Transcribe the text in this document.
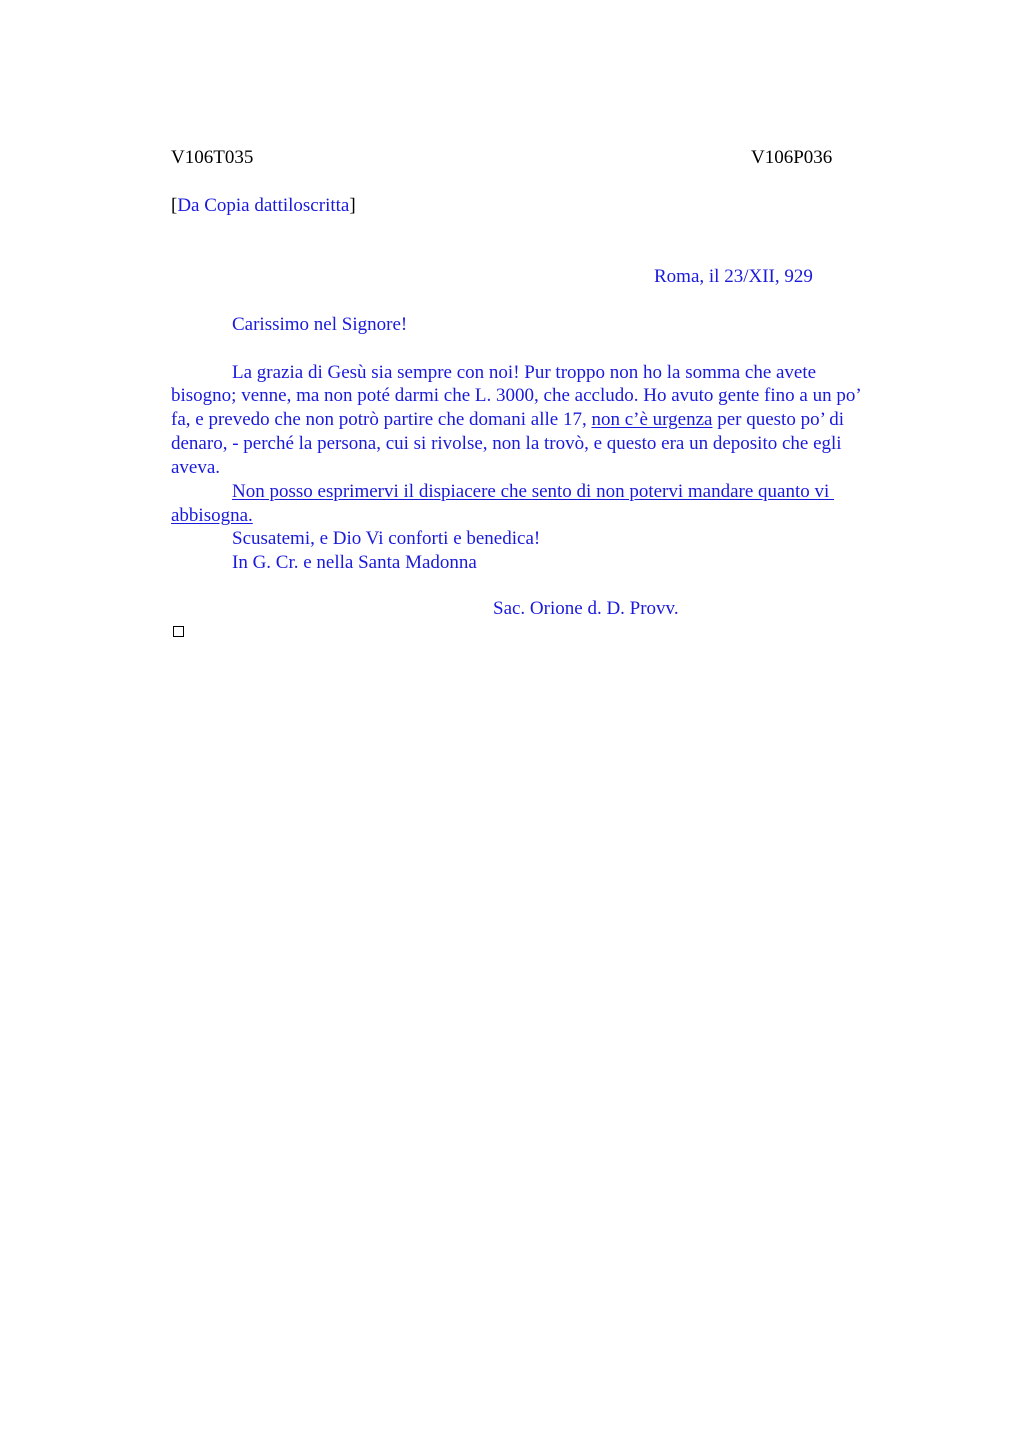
V106T035	V106P036
[Da Copia dattiloscritta]
Roma, il 23/XII, 929
Carissimo nel Signore!
La grazia di Gesù sia sempre con noi! Pur troppo non ho la somma che avete
bisogno; venne, ma non poté darmi che L. 3000, che accludo. Ho avuto gente fino a un po’
fa, e prevedo che non potrò partire che domani alle 17, non c’è urgenza per questo po’ di
denaro, - perché la persona, cui si rivolse, non la trovò, e questo era un deposito che egli
aveva.
Non posso esprimervi il dispiacere che sento di non potervi mandare quanto vi
abbisogna.
Scusatemi, e Dio Vi conforti e benedica!
In G. Cr. e nella Santa Madonna
Sac. Orione d. D. Provv.
